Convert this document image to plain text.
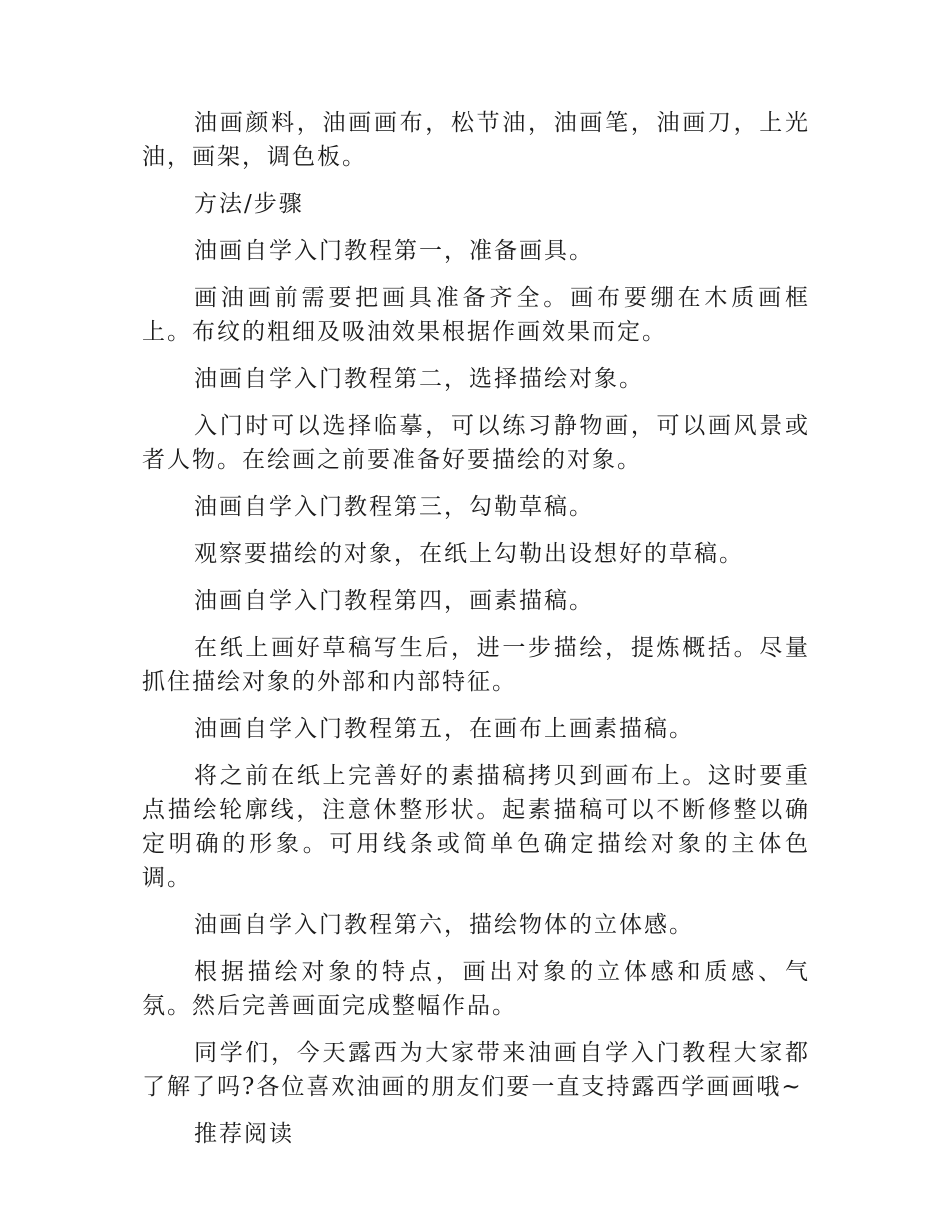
油画颜料，油画画布，松节油，油画笔，油画刀，上光油，画架，调色板。

方法/步骤

油画自学入门教程第一，准备画具。

画油画前需要把画具准备齐全。画布要绷在木质画框上。布纹的粗细及吸油效果根据作画效果而定。

油画自学入门教程第二，选择描绘对象。

入门时可以选择临摹，可以练习静物画，可以画风景或者人物。在绘画之前要准备好要描绘的对象。

油画自学入门教程第三，勾勒草稿。

观察要描绘的对象，在纸上勾勒出设想好的草稿。

油画自学入门教程第四，画素描稿。

在纸上画好草稿写生后，进一步描绘，提炼概括。尽量抓住描绘对象的外部和内部特征。

油画自学入门教程第五，在画布上画素描稿。

将之前在纸上完善好的素描稿拷贝到画布上。这时要重点描绘轮廓线，注意休整形状。起素描稿可以不断修整以确定明确的形象。可用线条或简单色确定描绘对象的主体色调。

油画自学入门教程第六，描绘物体的立体感。

根据描绘对象的特点，画出对象的立体感和质感、气氛。然后完善画面完成整幅作品。

同学们，今天露西为大家带来油画自学入门教程大家都了解了吗?各位喜欢油画的朋友们要一直支持露西学画画哦~

推荐阅读
